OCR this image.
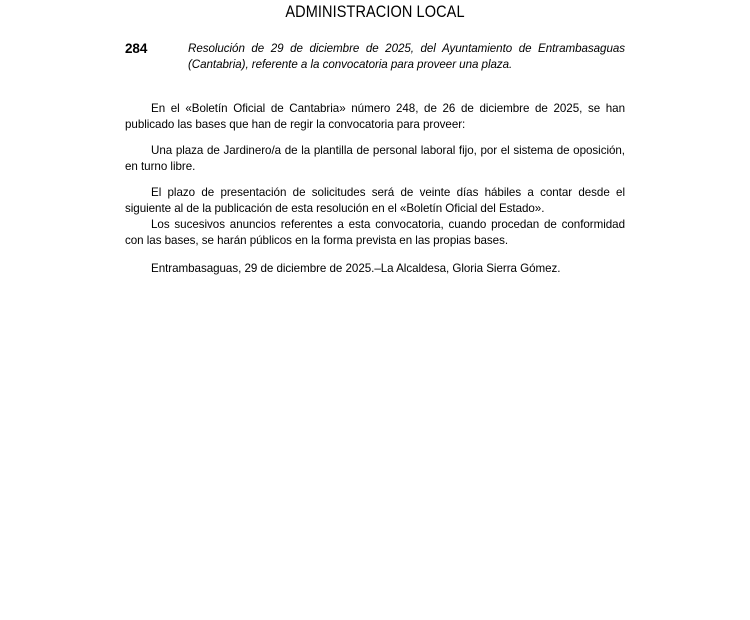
ADMINISTRACION LOCAL
284	Resolución de 29 de diciembre de 2025, del Ayuntamiento de Entrambasaguas (Cantabria), referente a la convocatoria para proveer una plaza.

En el «Boletín Oficial de Cantabria» número 248, de 26 de diciembre de 2025, se han publicado las bases que han de regir la convocatoria para proveer:

Una plaza de Jardinero/a de la plantilla de personal laboral fijo, por el sistema de oposición, en turno libre.

El plazo de presentación de solicitudes será de veinte días hábiles a contar desde el siguiente al de la publicación de esta resolución en el «Boletín Oficial del Estado».

Los sucesivos anuncios referentes a esta convocatoria, cuando procedan de conformidad con las bases, se harán públicos en la forma prevista en las propias bases.

Entrambasaguas, 29 de diciembre de 2025.–La Alcaldesa, Gloria Sierra Gómez.
